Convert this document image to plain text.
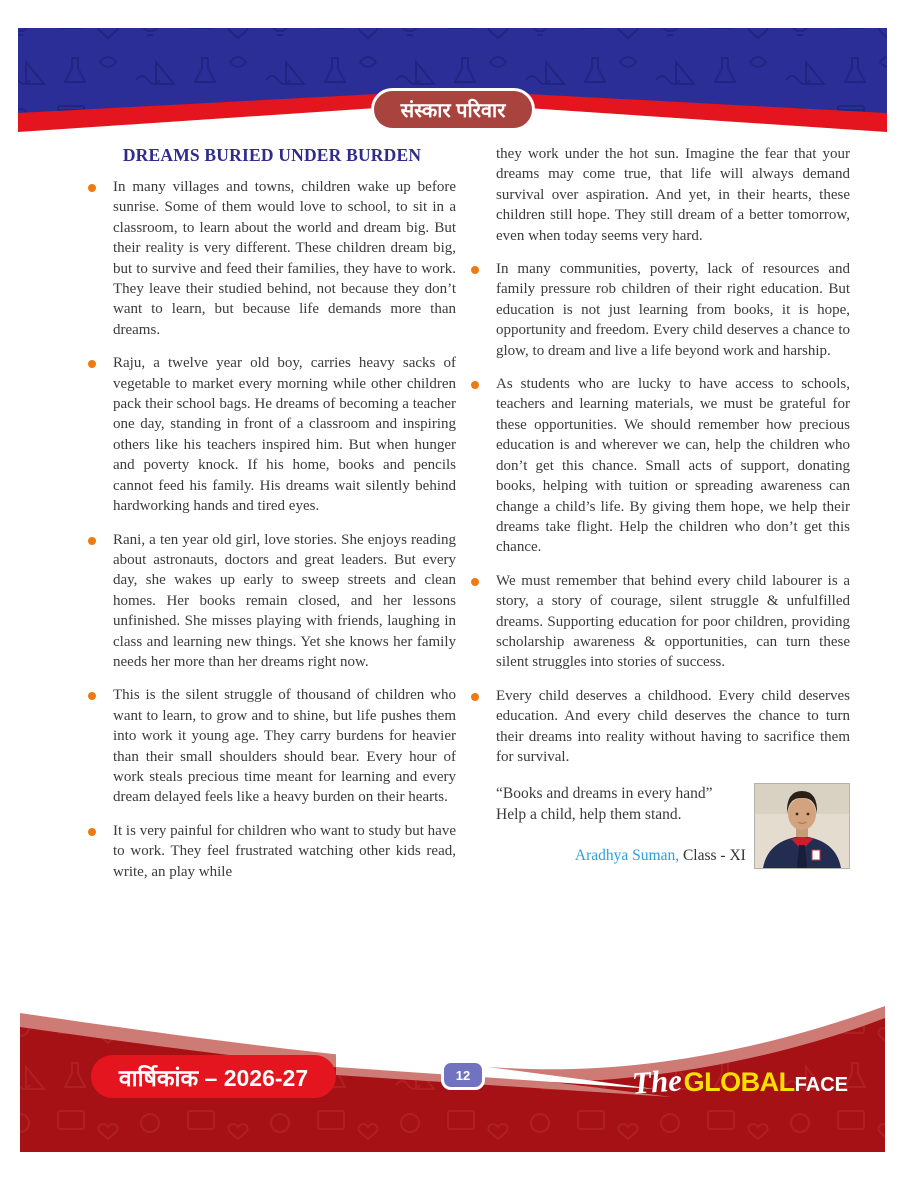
संस्कार परिवार
DREAMS BURIED UNDER BURDEN

In many villages and towns, children wake up before sunrise. Some of them would love to school, to sit in a classroom, to learn about the world and dream big. But their reality is very different. These children dream big, but to survive and feed their families, they have to work. They leave their studied behind, not because they don’t want to learn, but because life demands more than dreams.

Raju, a twelve year old boy, carries heavy sacks of vegetable to market every morning while other children pack their school bags. He dreams of becoming a teacher one day, standing in front of a classroom and inspiring others like his teachers inspired him. But when hunger and poverty knock. If his home, books and pencils cannot feed his family. His dreams wait silently behind hardworking hands and tired eyes.

Rani, a ten year old girl, love stories. She enjoys reading about astronauts, doctors and great leaders. But every day, she wakes up early to sweep streets and clean homes. Her books remain closed, and her lessons unfinished. She misses playing with friends, laughing in class and learning new things. Yet she knows her family needs her more than her dreams right now.

This is the silent struggle of thousand of children who want to learn, to grow and to shine, but life pushes them into work it young age. They carry burdens for heavier than their small shoulders should bear. Every hour of work steals precious time meant for learning and every dream delayed feels like a heavy burden on their hearts.

It is very painful for children who want to study but have to work. They feel frustrated watching other kids read, write, an play while

they work under the hot sun. Imagine the fear that your dreams may come true, that life will always demand survival over aspiration. And yet, in their hearts, these children still hope. They still dream of a better tomorrow, even when today seems very hard.

In many communities, poverty, lack of resources and family pressure rob children of their right education. But education is not just learning from books, it is hope, opportunity and freedom. Every child deserves a chance to glow, to dream and live a life beyond work and harship.

As students who are lucky to have access to schools, teachers and learning materials, we must be grateful for these opportunities. We should remember how precious education is and wherever we can, help the children who don’t get this chance. Small acts of support, donating books, helping with tuition or spreading awareness can change a child’s life. By giving them hope, we help their dreams take flight. Help the children who don’t get this chance.

We must remember that behind every child labourer is a story, a story of courage, silent struggle & unfulfilled dreams. Supporting education for poor children, providing scholarship awareness & opportunities, can turn these silent struggles into stories of success.

Every child deserves a childhood. Every child deserves education. And every child deserves the chance to turn their dreams into reality without having to sacrifice them for survival.

“Books and dreams in every hand”
Help a child, help them stand.
Aradhya Suman, Class - XI
वार्षिकांक – 2026-27	12	The GLOBAL FACE
